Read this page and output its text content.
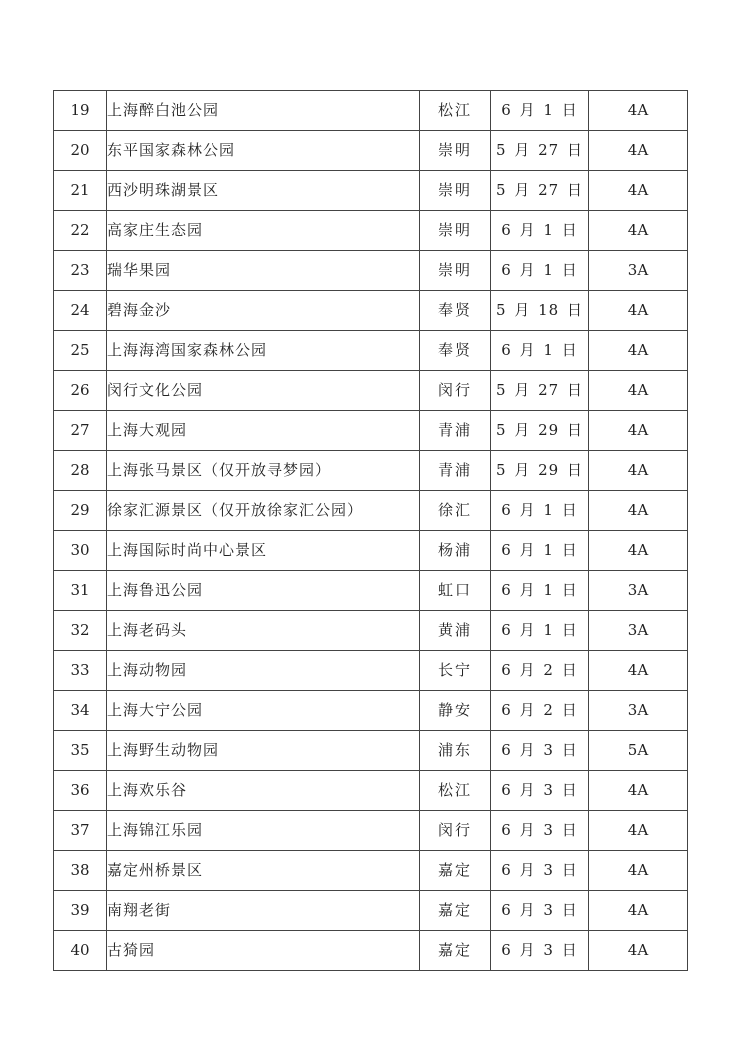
19	上海醉白池公园	松江	6 月 1 日	4A
20	东平国家森林公园	崇明	5 月 27 日	4A
21	西沙明珠湖景区	崇明	5 月 27 日	4A
22	高家庄生态园	崇明	6 月 1 日	4A
23	瑞华果园	崇明	6 月 1 日	3A
24	碧海金沙	奉贤	5 月 18 日	4A
25	上海海湾国家森林公园	奉贤	6 月 1 日	4A
26	闵行文化公园	闵行	5 月 27 日	4A
27	上海大观园	青浦	5 月 29 日	4A
28	上海张马景区（仅开放寻梦园）	青浦	5 月 29 日	4A
29	徐家汇源景区（仅开放徐家汇公园）	徐汇	6 月 1 日	4A
30	上海国际时尚中心景区	杨浦	6 月 1 日	4A
31	上海鲁迅公园	虹口	6 月 1 日	3A
32	上海老码头	黄浦	6 月 1 日	3A
33	上海动物园	长宁	6 月 2 日	4A
34	上海大宁公园	静安	6 月 2 日	3A
35	上海野生动物园	浦东	6 月 3 日	5A
36	上海欢乐谷	松江	6 月 3 日	4A
37	上海锦江乐园	闵行	6 月 3 日	4A
38	嘉定州桥景区	嘉定	6 月 3 日	4A
39	南翔老街	嘉定	6 月 3 日	4A
40	古猗园	嘉定	6 月 3 日	4A
